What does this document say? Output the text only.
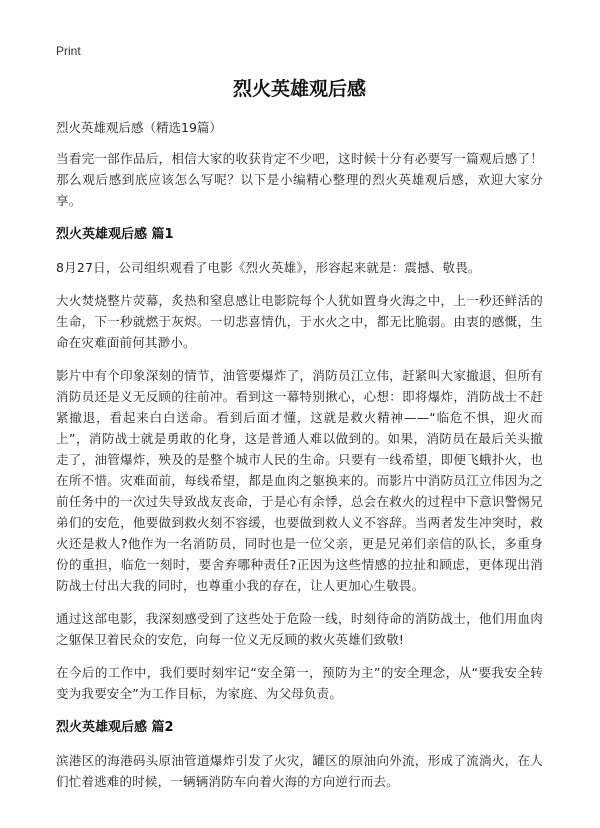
Print
烈火英雄观后感
烈火英雄观后感（精选19篇）

当看完一部作品后，相信大家的收获肯定不少吧，这时候十分有必要写一篇观后感了！那么观后感到底应该怎么写呢？以下是小编精心整理的烈火英雄观后感，欢迎大家分享。

烈火英雄观后感 篇1

8月27日，公司组织观看了电影《烈火英雄》，形容起来就是：震撼、敬畏。

大火焚烧整片荧幕，炙热和窒息感让电影院每个人犹如置身火海之中，上一秒还鲜活的生命，下一秒就燃于灰烬。一切悲喜情仇，于水火之中，都无比脆弱。由衷的感慨，生命在灾难面前何其渺小。

影片中有个印象深刻的情节，油管要爆炸了，消防员江立伟，赶紧叫大家撤退，但所有消防员还是义无反顾的往前冲。看到这一幕特别揪心，心想：即将爆炸，消防战士不赶紧撤退，看起来白白送命。看到后面才懂，这就是救火精神——“临危不惧，迎火而上”，消防战士就是勇敢的化身，这是普通人难以做到的。如果，消防员在最后关头撤走了，油管爆炸，殃及的是整个城市人民的生命。只要有一线希望，即便飞蛾扑火，也在所不惜。灾难面前，每线希望，都是血肉之躯换来的。而影片中消防员江立伟因为之前任务中的一次过失导致战友丧命，于是心有余悸，总会在救火的过程中下意识警惕兄弟们的安危，他要做到救火刻不容缓，也要做到救人义不容辞。当两者发生冲突时，救火还是救人?他作为一名消防员，同时也是一位父亲，更是兄弟们亲信的队长，多重身份的重担，临危一刻时，要舍弃哪种责任?正因为这些情感的拉扯和顾虑，更体现出消防战士付出大我的同时，也尊重小我的存在，让人更加心生敬畏。

通过这部电影，我深刻感受到了这些处于危险一线，时刻待命的消防战士，他们用血肉之躯保卫着民众的安危，向每一位义无反顾的救火英雄们致敬!

在今后的工作中，我们要时刻牢记“安全第一，预防为主”的安全理念，从“要我安全转变为我要安全”为工作目标，为家庭、为父母负责。

烈火英雄观后感 篇2

滨港区的海港码头原油管道爆炸引发了火灾，罐区的原油向外流，形成了流淌火，在人们忙着逃难的时候，一辆辆消防车向着火海的方向逆行而去。
